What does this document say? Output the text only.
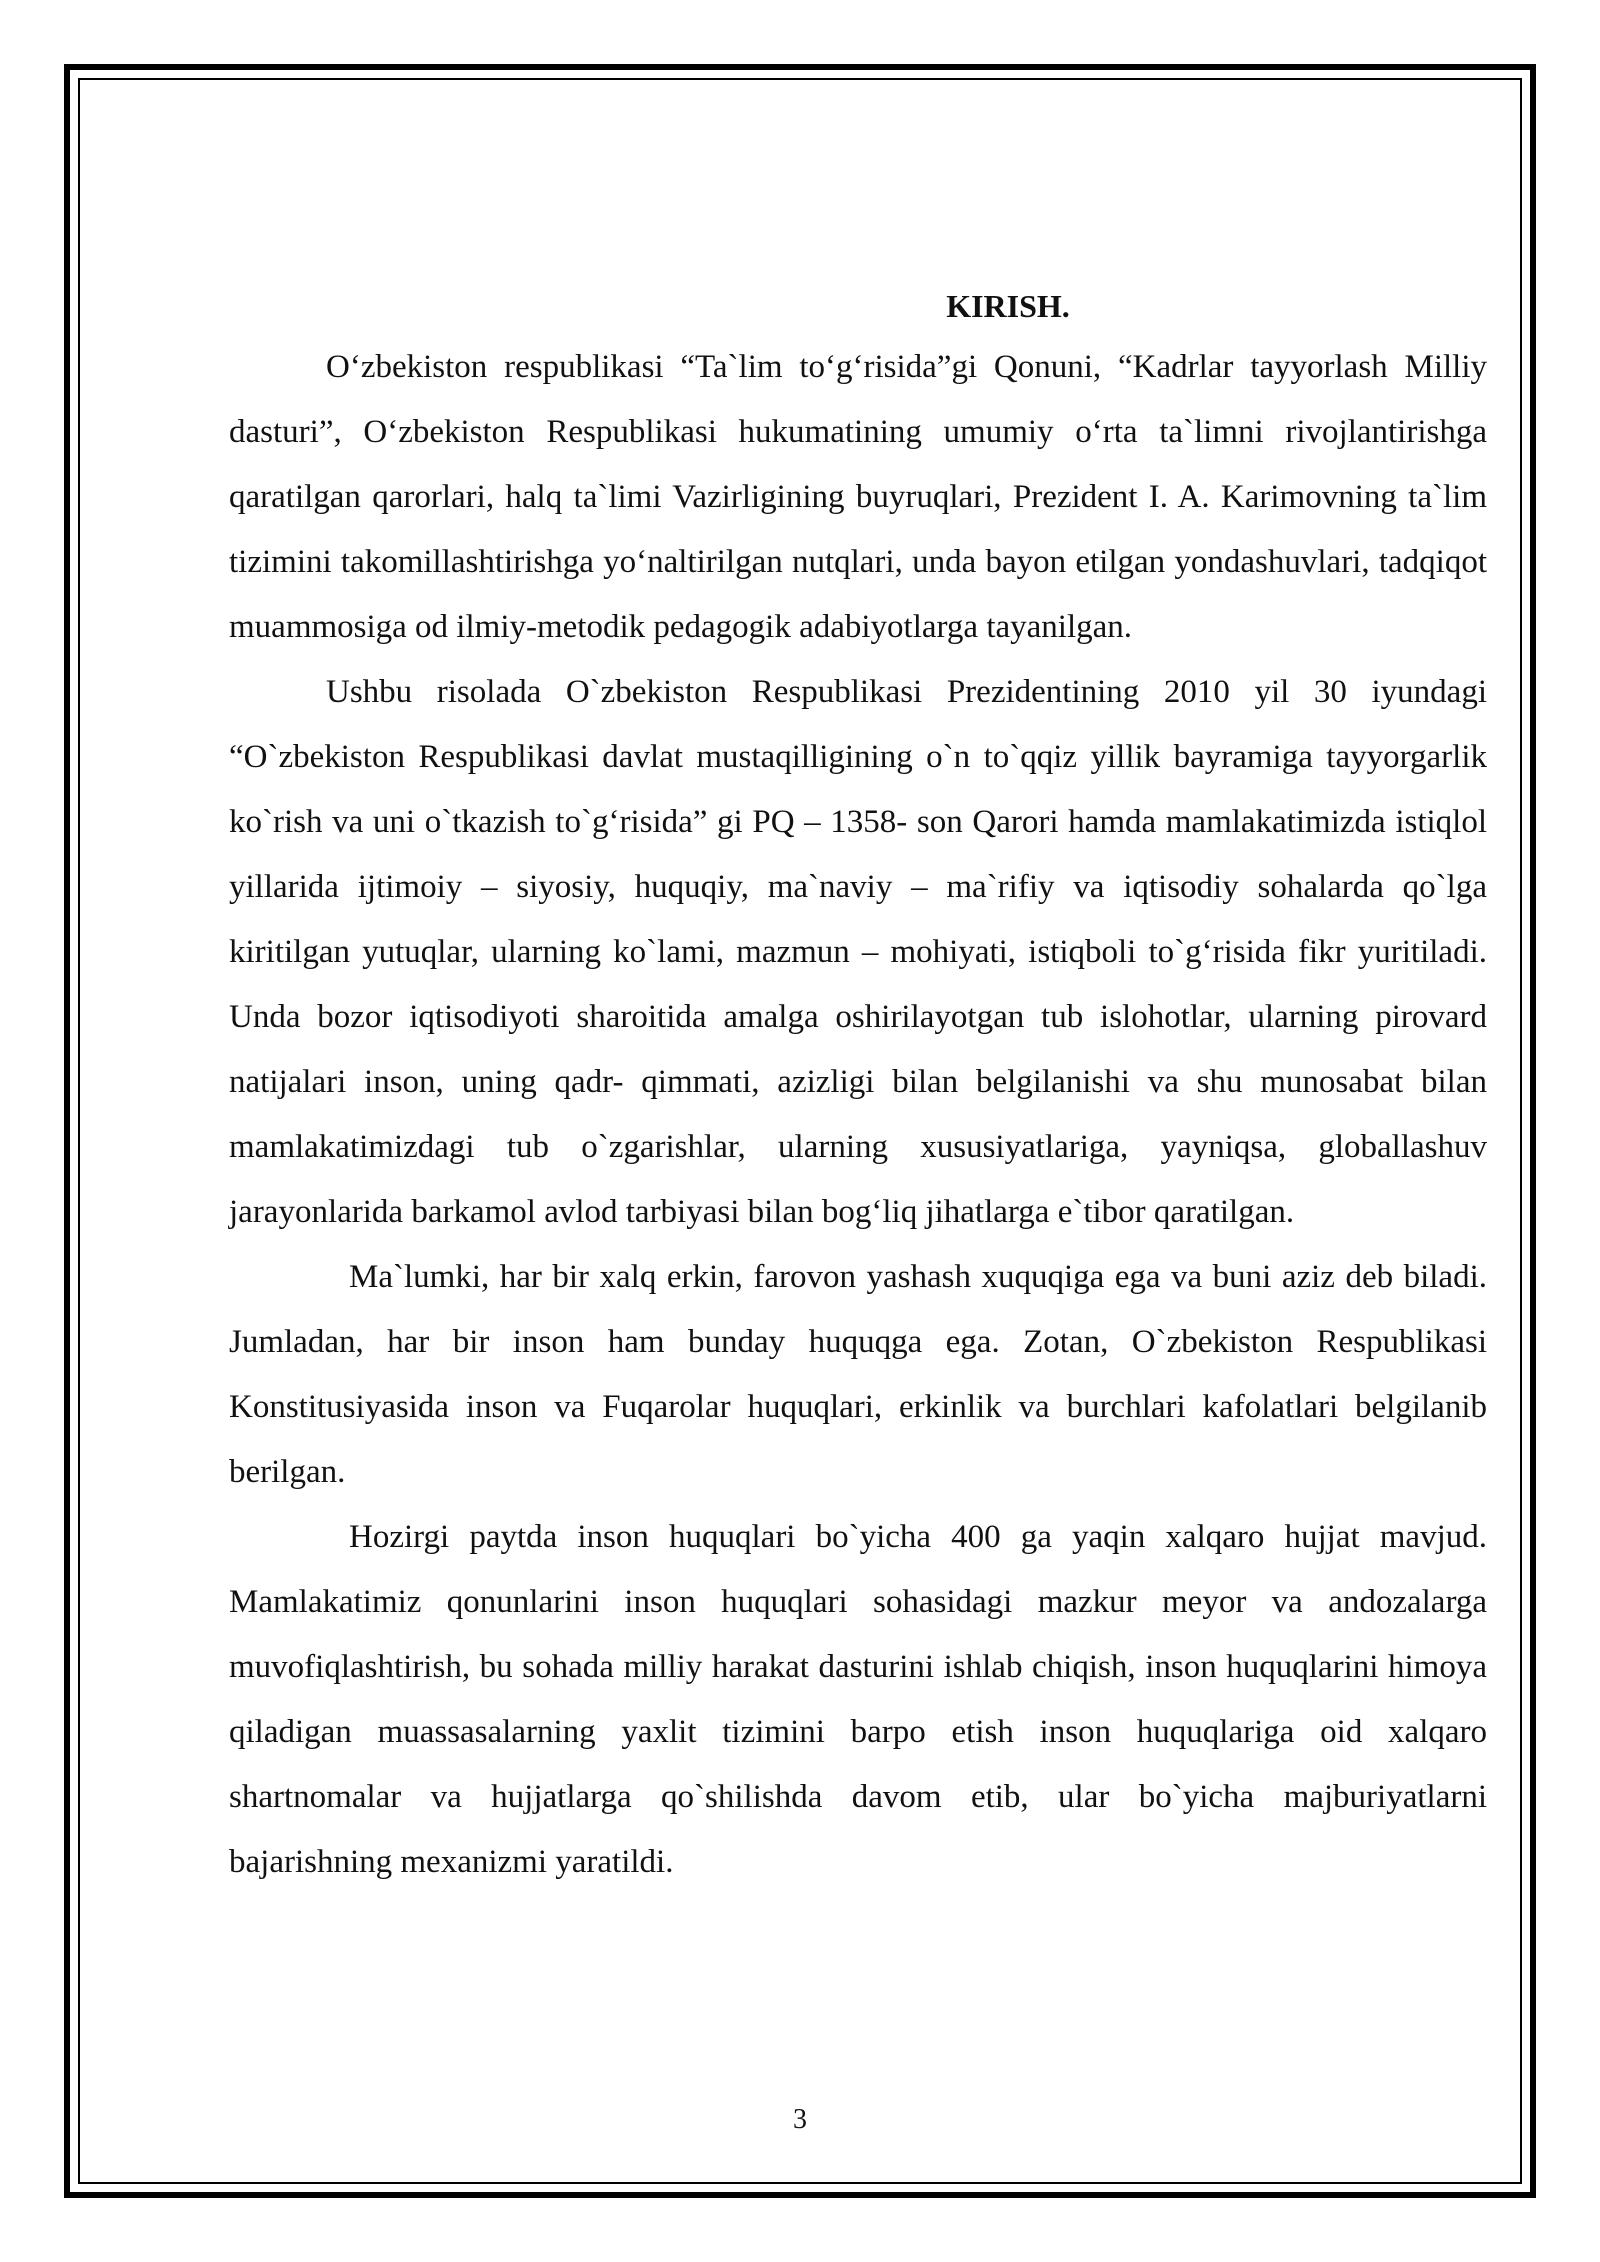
KIRISH.

O‘zbekiston respublikasi “Ta`lim to‘g‘risida”gi Qonuni, “Kadrlar tayyorlash Milliy dasturi”, O‘zbekiston Respublikasi hukumatining umumiy o‘rta ta`limni rivojlantirishga qaratilgan qarorlari, halq ta`limi Vazirligining buyruqlari, Prezident I. A. Karimovning ta`lim tizimini takomillashtirishga yo‘naltirilgan nutqlari, unda bayon etilgan yondashuvlari, tadqiqot muammosiga od ilmiy-metodik pedagogik adabiyotlarga tayanilgan.

Ushbu risolada O`zbekiston Respublikasi Prezidentining 2010 yil 30 iyundagi “O`zbekiston Respublikasi davlat mustaqilligining o`n to`qqiz yillik bayramiga tayyorgarlik ko`rish va uni o`tkazish to`g‘risida” gi PQ – 1358- son Qarori hamda mamlakatimizda istiqlol yillarida ijtimoiy – siyosiy, huquqiy, ma`naviy – ma`rifiy va iqtisodiy sohalarda qo`lga kiritilgan yutuqlar, ularning ko`lami, mazmun – mohiyati, istiqboli to`g‘risida fikr yuritiladi. Unda bozor iqtisodiyoti sharoitida amalga oshirilayotgan tub islohotlar, ularning pirovard natijalari inson, uning qadr- qimmati, azizligi bilan belgilanishi va shu munosabat bilan mamlakatimizdagi tub o`zgarishlar, ularning xususiyatlariga, yayniqsa, globallashuv jarayonlarida barkamol avlod tarbiyasi bilan bog‘liq jihatlarga e`tibor qaratilgan.

Ma`lumki, har bir xalq erkin, farovon yashash xuquqiga ega va buni aziz deb biladi. Jumladan, har bir inson ham bunday huquqga ega. Zotan, O`zbekiston Respublikasi Konstitusiyasida inson va Fuqarolar huquqlari, erkinlik va burchlari kafolatlari belgilanib berilgan.

Hozirgi paytda inson huquqlari bo`yicha 400 ga yaqin xalqaro hujjat mavjud. Mamlakatimiz qonunlarini inson huquqlari sohasidagi mazkur meyor va andozalarga muvofiqlashtirish, bu sohada milliy harakat dasturini ishlab chiqish, inson huquqlarini himoya qiladigan muassasalarning yaxlit tizimini barpo etish inson huquqlariga oid xalqaro shartnomalar va hujjatlarga qo`shilishda davom etib, ular bo`yicha majburiyatlarni bajarishning mexanizmi yaratildi.

3
